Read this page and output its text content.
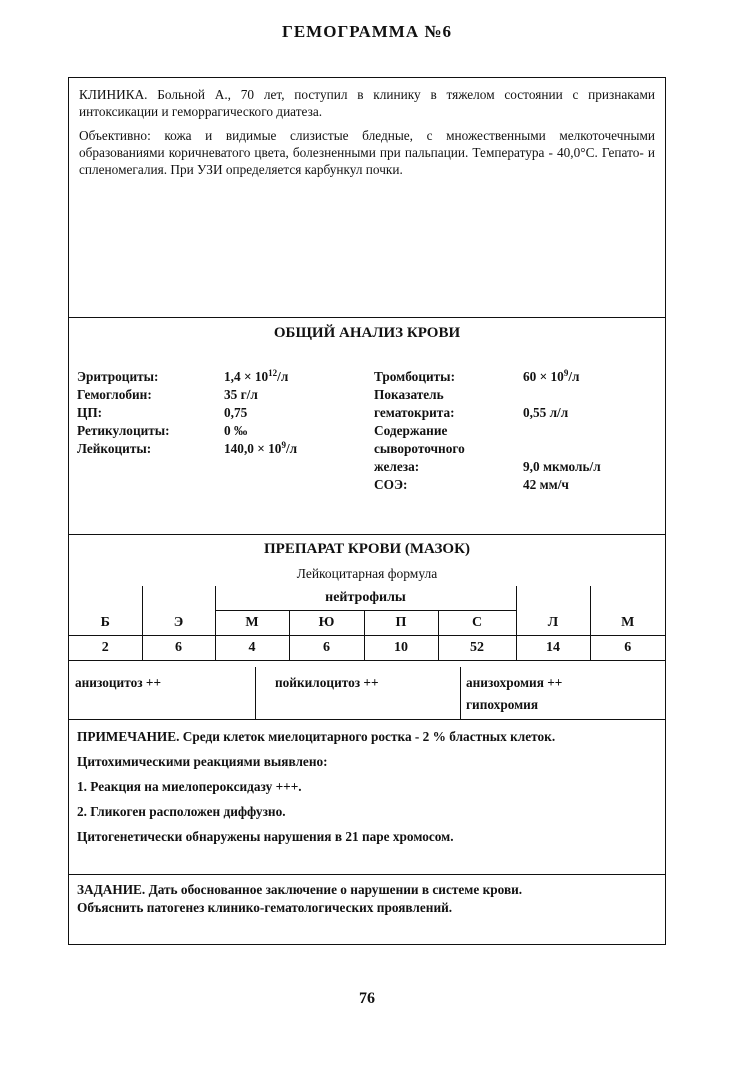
ГЕМОГРАММА №6

КЛИНИКА. Больной А., 70 лет, поступил в клинику в тяжелом состоянии с признаками интоксикации и геморрагического диатеза.

Объективно: кожа и видимые слизистые бледные, с множественными мелкоточечными образованиями коричневатого цвета, болезненными при пальпации. Температура - 40,0°С. Гепато- и спленомегалия. При УЗИ определяется карбункул почки.

ОБЩИЙ АНАЛИЗ КРОВИ
Эритроциты:	$1,4 \times 10^{12}/л$	Тромбоциты:	$60 \times 10^9/л$
Гемоглобин:	35 г/л	Показатель
ЦП:	0,75	гематокрита:	0,55 л/л
Ретикулоциты:	0 ‰	Содержание
Лейкоциты:	$140,0 \times 10^9/л$	сывороточного
железа:	9,0 мкмоль/л
СОЭ:	42 мм/ч
ПРЕПАРАТ КРОВИ (МАЗОК)
Лейкоцитарная формула
		нейтрофилы					
Б	Э	М	Ю	П	С	Л	М
2	6	4	6	10	52	14	6
анизоцитоз ++	пойкилоцитоз ++	анизохромия ++
гипохромия

ПРИМЕЧАНИЕ. Среди клеток миелоцитарного ростка - 2 % бластных клеток.

Цитохимическими реакциями выявлено:

1. Реакция на миелопероксидазу +++.

2. Гликоген расположен диффузно.

Цитогенетически обнаружены нарушения в 21 паре хромосом.

ЗАДАНИЕ. Дать обоснованное заключение о нарушении в системе крови.

Объяснить патогенез клинико-гематологических проявлений.

76
